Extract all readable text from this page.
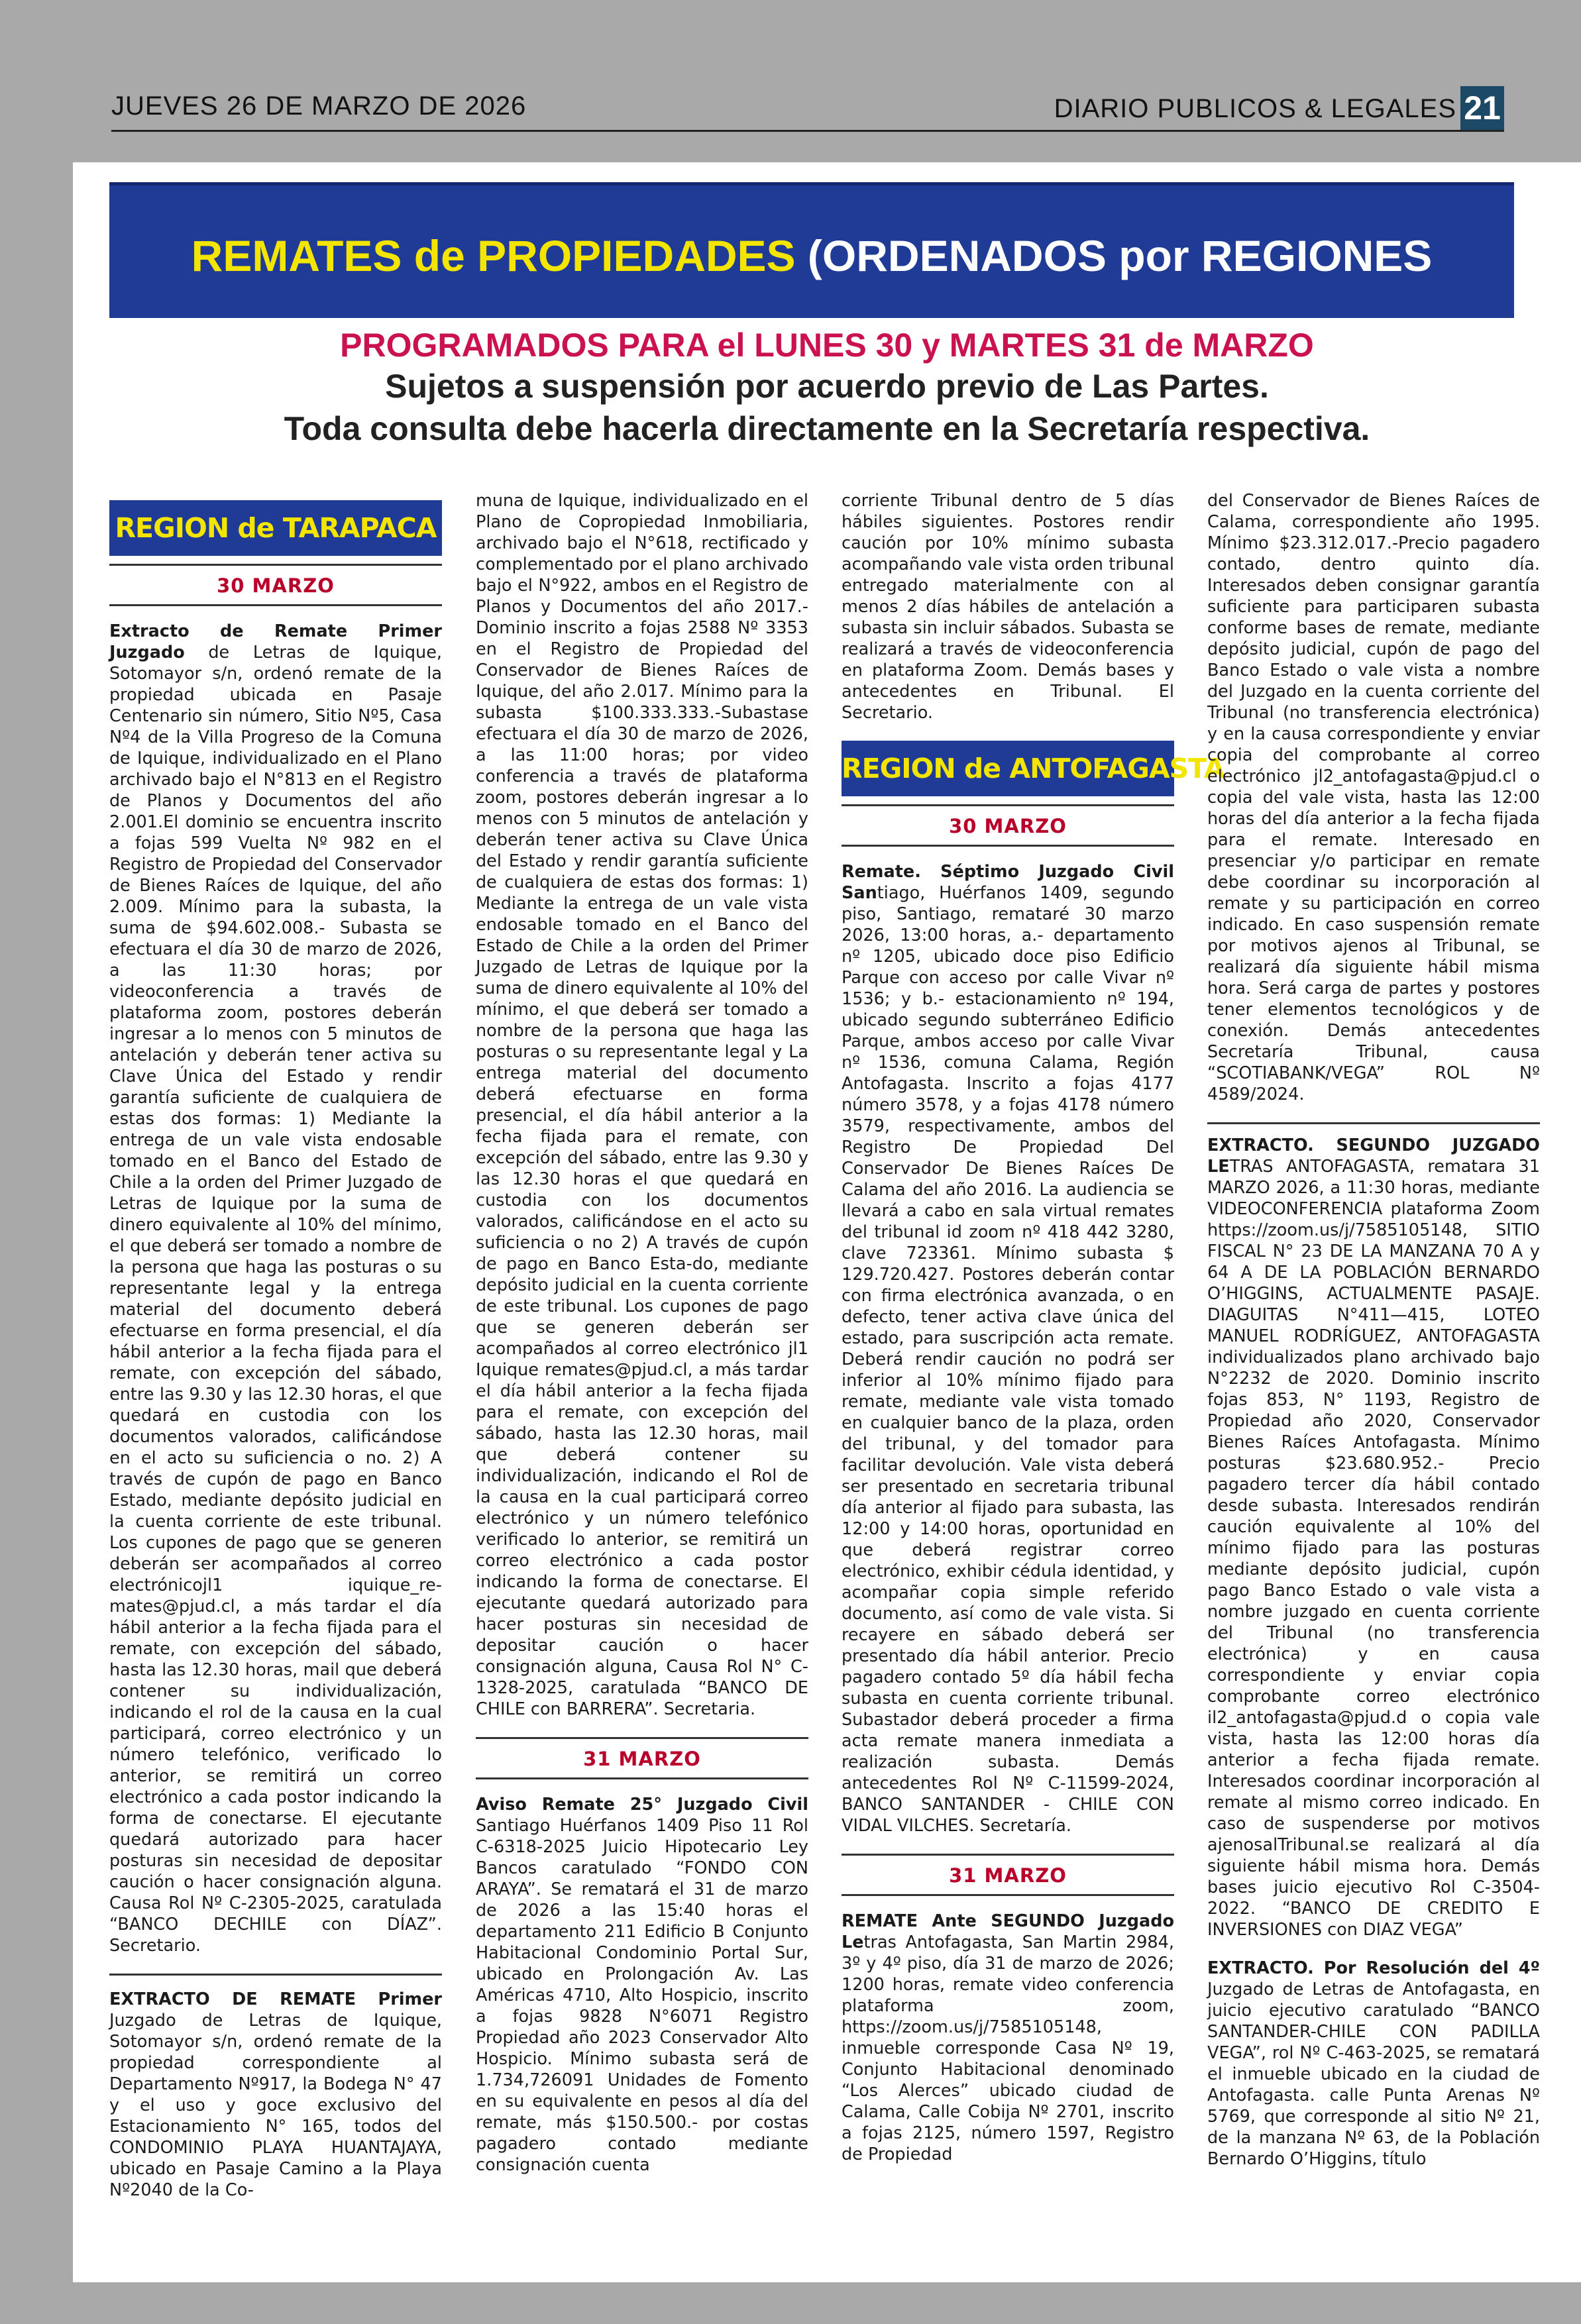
JUEVES 26 DE MARZO DE 2026	DIARIO PUBLICOS & LEGALES 21
REMATES de PROPIEDADES (ORDENADOS por REGIONES
PROGRAMADOS PARA el LUNES 30 y MARTES 31 de MARZO
Sujetos a suspensión por acuerdo previo de Las Partes.
Toda consulta debe hacerla directamente en la Secretaría respectiva.
REGION de TARAPACA
30 MARZO

Extracto de Remate Primer Juzgado de Letras de Iquique, Sotomayor s/n, ordenó remate de la propiedad ubicada en Pasaje Centenario sin número, Sitio Nº5, Casa Nº4 de la Villa Progreso de la Comuna de Iquique, individualizado en el Plano archivado bajo el N°813 en el Registro de Planos y Documentos del año 2.001.El dominio se encuentra inscrito a fojas 599 Vuelta Nº 982 en el Registro de Propiedad del Conservador de Bienes Raíces de Iquique, del año 2.009. Mínimo para la subasta, la suma de $94.602.008.- Subasta se efectuara el día 30 de marzo de 2026, a las 11:30 horas; por videoconferencia a través de plataforma zoom, postores deberán ingresar a lo menos con 5 minutos de antelación y deberán tener activa su Clave Única del Estado y rendir garantía suficiente de cualquiera de estas dos formas: 1) Mediante la entrega de un vale vista endosable tomado en el Banco del Estado de Chile a la orden del Primer Juzgado de Letras de Iquique por la suma de dinero equivalente al 10% del mínimo, el que deberá ser tomado a nombre de la persona que haga las posturas o su representante legal y la entrega material del documento deberá efectuarse en forma presencial, el día hábil anterior a la fecha fijada para el remate, con excepción del sábado, entre las 9.30 y las 12.30 horas, el que quedará en custodia con los documentos valorados, calificándose en el acto su suficiencia o no. 2) A través de cupón de pago en Banco Estado, mediante depósito judicial en la cuenta corriente de este tribunal. Los cupones de pago que se generen deberán ser acompañados al correo electrónicojl1 iquique_re-mates@pjud.cl, a más tardar el día hábil anterior a la fecha fijada para el remate, con excepción del sábado, hasta las 12.30 horas, mail que deberá contener su individualización, indicando el rol de la causa en la cual participará, correo electrónico y un número telefónico, verificado lo anterior, se remitirá un correo electrónico a cada postor indicando la forma de conectarse. El ejecutante quedará autorizado para hacer posturas sin necesidad de depositar caución o hacer consignación alguna. Causa Rol Nº C-2305-2025, caratulada “BANCO DECHILE con DÍAZ”. Secretario.

EXTRACTO DE REMATE Primer Juzgado de Letras de Iquique, Sotomayor s/n, ordenó remate de la propiedad correspondiente al Departamento Nº917, la Bodega N° 47 y el uso y goce exclusivo del Estacionamiento N° 165, todos del CONDOMINIO PLAYA HUANTAJAYA, ubicado en Pasaje Camino a la Playa Nº2040 de la Co-

muna de Iquique, individualizado en el Plano de Copropiedad Inmobiliaria, archivado bajo el N°618, rectificado y complementado por el plano archivado bajo el N°922, ambos en el Registro de Planos y Documentos del año 2017.- Dominio inscrito a fojas 2588 Nº 3353 en el Registro de Propiedad del Conservador de Bienes Raíces de Iquique, del año 2.017. Mínimo para la subasta $100.333.333.-Subastase efectuara el día 30 de marzo de 2026, a las 11:00 horas; por video conferencia a través de plataforma zoom, postores deberán ingresar a lo menos con 5 minutos de antelación y deberán tener activa su Clave Única del Estado y rendir garantía suficiente de cualquiera de estas dos formas: 1) Mediante la entrega de un vale vista endosable tomado en el Banco del Estado de Chile a la orden del Primer Juzgado de Letras de Iquique por la suma de dinero equivalente al 10% del mínimo, el que deberá ser tomado a nombre de la persona que haga las posturas o su representante legal y La entrega material del documento deberá efectuarse en forma presencial, el día hábil anterior a la fecha fijada para el remate, con excepción del sábado, entre las 9.30 y las 12.30 horas el que quedará en custodia con los documentos valorados, calificándose en el acto su suficiencia o no 2) A través de cupón de pago en Banco Esta-do, mediante depósito judicial en la cuenta corriente de este tribunal. Los cupones de pago que se generen deberán ser acompañados al correo electrónico jl1 Iquique remates@pjud.cl, a más tardar el día hábil anterior a la fecha fijada para el remate, con excepción del sábado, hasta las 12.30 horas, mail que deberá contener su individualización, indicando el Rol de la causa en la cual participará correo electrónico y un número telefónico verificado lo anterior, se remitirá un correo electrónico a cada postor indicando la forma de conectarse. El ejecutante quedará autorizado para hacer posturas sin necesidad de depositar caución o hacer consignación alguna, Causa Rol N° C-1328-2025, caratulada “BANCO DE CHILE con BARRERA”. Secretaria.

31 MARZO

Aviso Remate 25° Juzgado Civil Santiago Huérfanos 1409 Piso 11 Rol C-6318-2025 Juicio Hipotecario Ley Bancos caratulado “FONDO CON ARAYA”. Se rematará el 31 de marzo de 2026 a las 15:40 horas el departamento 211 Edificio B Conjunto Habitacional Condominio Portal Sur, ubicado en Prolongación Av. Las Américas 4710, Alto Hospicio, inscrito a fojas 9828 N°6071 Registro Propiedad año 2023 Conservador Alto Hospicio. Mínimo subasta será de 1.734,726091 Unidades de Fomento en su equivalente en pesos al día del remate, más $150.500.- por costas pagadero contado mediante consignación cuenta

corriente Tribunal dentro de 5 días hábiles siguientes. Postores rendir caución por 10% mínimo subasta acompañando vale vista orden tribunal entregado materialmente con al menos 2 días hábiles de antelación a subasta sin incluir sábados. Subasta se realizará a través de videoconferencia en plataforma Zoom. Demás bases y antecedentes en Tribunal. El Secretario.

REGION de ANTOFAGASTA
30 MARZO

Remate. Séptimo Juzgado Civil Santiago, Huérfanos 1409, segundo piso, Santiago, remataré 30 marzo 2026, 13:00 horas, a.- departamento nº 1205, ubicado doce piso Edificio Parque con acceso por calle Vivar nº 1536; y b.- estacionamiento nº 194, ubicado segundo subterráneo Edificio Parque, ambos acceso por calle Vivar nº 1536, comuna Calama, Región Antofagasta. Inscrito a fojas 4177 número 3578, y a fojas 4178 número 3579, respectivamente, ambos del Registro De Propiedad Del Conservador De Bienes Raíces De Calama del año 2016. La audiencia se llevará a cabo en sala virtual remates del tribunal id zoom nº 418 442 3280, clave 723361. Mínimo subasta $ 129.720.427. Postores deberán contar con firma electrónica avanzada, o en defecto, tener activa clave única del estado, para suscripción acta remate. Deberá rendir caución no podrá ser inferior al 10% mínimo fijado para remate, mediante vale vista tomado en cualquier banco de la plaza, orden del tribunal, y del tomador para facilitar devolución. Vale vista deberá ser presentado en secretaria tribunal día anterior al fijado para subasta, las 12:00 y 14:00 horas, oportunidad en que deberá registrar correo electrónico, exhibir cédula identidad, y acompañar copia simple referido documento, así como de vale vista. Si recayere en sábado deberá ser presentado día hábil anterior. Precio pagadero contado 5º día hábil fecha subasta en cuenta corriente tribunal. Subastador deberá proceder a firma acta remate manera inmediata a realización subasta. Demás antecedentes Rol Nº C-11599-2024, BANCO SANTANDER - CHILE CON VIDAL VILCHES. Secretaría.

31 MARZO

REMATE Ante SEGUNDO Juzgado Letras Antofagasta, San Martin 2984, 3º y 4º piso, día 31 de marzo de 2026; 1200 horas, remate video conferencia plataforma zoom, https://zoom.us/j/7585105148, inmueble corresponde Casa Nº 19, Conjunto Habitacional denominado “Los Alerces” ubicado ciudad de Calama, Calle Cobija Nº 2701, inscrito a fojas 2125, número 1597, Registro de Propiedad

del Conservador de Bienes Raíces de Calama, correspondiente año 1995. Mínimo $23.312.017.-Precio pagadero contado, dentro quinto día. Interesados deben consignar garantía suficiente para participaren subasta conforme bases de remate, mediante depósito judicial, cupón de pago del Banco Estado o vale vista a nombre del Juzgado en la cuenta corriente del Tribunal (no transferencia electrónica) y en la causa correspondiente y enviar copia del comprobante al correo electrónico jl2_antofagasta@pjud.cl o copia del vale vista, hasta las 12:00 horas del día anterior a la fecha fijada para el remate. Interesado en presenciar y/o participar en remate debe coordinar su incorporación al remate y su participación en correo indicado. En caso suspensión remate por motivos ajenos al Tribunal, se realizará día siguiente hábil misma hora. Será carga de partes y postores tener elementos tecnológicos y de conexión. Demás antecedentes Secretaría Tribunal, causa “SCOTIABANK/VEGA” ROL Nº 4589/2024.

EXTRACTO. SEGUNDO JUZGADO LETRAS ANTOFAGASTA, rematara 31 MARZO 2026, a 11:30 horas, mediante VIDEOCONFERENCIA plataforma Zoom https://zoom.us/j/7585105148, SITIO FISCAL N° 23 DE LA MANZANA 70 A y 64 A DE LA POBLACIÓN BERNARDO O’HIGGINS, ACTUALMENTE PASAJE. DIAGUITAS N°411—415, LOTEO MANUEL RODRÍGUEZ, ANTOFAGASTA individualizados plano archivado bajo N°2232 de 2020. Dominio inscrito fojas 853, N° 1193, Registro de Propiedad año 2020, Conservador Bienes Raíces Antofagasta. Mínimo posturas $23.680.952.- Precio pagadero tercer día hábil contado desde subasta. Interesados rendirán caución equivalente al 10% del mínimo fijado para las posturas mediante depósito judicial, cupón pago Banco Estado o vale vista a nombre juzgado en cuenta corriente del Tribunal (no transferencia electrónica) y en causa correspondiente y enviar copia comprobante correo electrónico il2_antofagasta@pjud.d o copia vale vista, hasta las 12:00 horas día anterior a fecha fijada remate. Interesados coordinar incorporación al remate al mismo correo indicado. En caso de suspenderse por motivos ajenosalTribunal.se realizará al día siguiente hábil misma hora. Demás bases juicio ejecutivo Rol C-3504-2022. “BANCO DE CREDITO E INVERSIONES con DIAZ VEGA”

EXTRACTO. Por Resolución del 4º Juzgado de Letras de Antofagasta, en juicio ejecutivo caratulado “BANCO SANTANDER-CHILE CON PADILLA VEGA”, rol Nº C-463-2025, se rematará el inmueble ubicado en la ciudad de Antofagasta. calle Punta Arenas Nº 5769, que corresponde al sitio Nº 21, de la manzana Nº 63, de la Población Bernardo O’Higgins, título
